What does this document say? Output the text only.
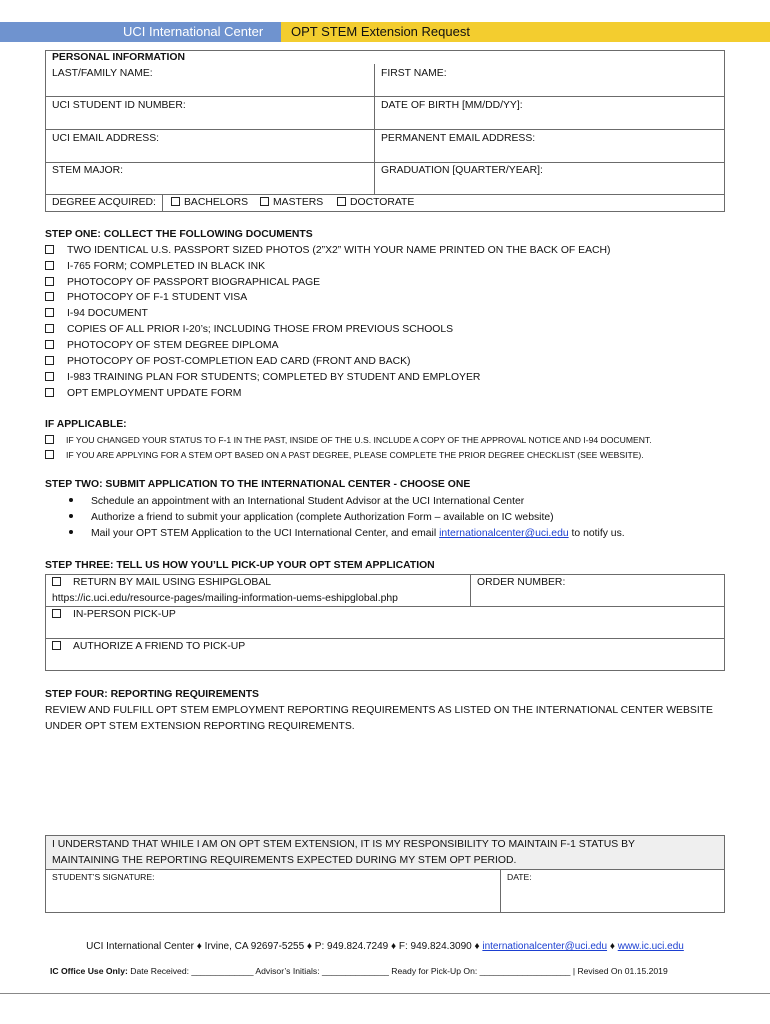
UCI International Center	OPT STEM Extension Request
PERSONAL INFORMATION
LAST/FAMILY NAME:	FIRST NAME:
UCI STUDENT ID NUMBER:	DATE OF BIRTH [MM/DD/YY]:
UCI EMAIL ADDRESS:	PERMANENT EMAIL ADDRESS:
STEM MAJOR:	GRADUATION [QUARTER/YEAR]:
DEGREE ACQUIRED:	BACHELORS	MASTERS	DOCTORATE
STEP ONE: COLLECT THE FOLLOWING DOCUMENTS
TWO IDENTICAL U.S. PASSPORT SIZED PHOTOS (2”X2” WITH YOUR NAME PRINTED ON THE BACK OF EACH)
I-765 FORM; COMPLETED IN BLACK INK
PHOTOCOPY OF PASSPORT BIOGRAPHICAL PAGE
PHOTOCOPY OF F-1 STUDENT VISA
I-94 DOCUMENT
COPIES OF ALL PRIOR I-20’s; INCLUDING THOSE FROM PREVIOUS SCHOOLS
PHOTOCOPY OF STEM DEGREE DIPLOMA
PHOTOCOPY OF POST-COMPLETION EAD CARD (FRONT AND BACK)
I-983 TRAINING PLAN FOR STUDENTS; COMPLETED BY STUDENT AND EMPLOYER
OPT EMPLOYMENT UPDATE FORM
IF APPLICABLE:
IF YOU CHANGED YOUR STATUS TO F-1 IN THE PAST, INSIDE OF THE U.S. INCLUDE A COPY OF THE APPROVAL NOTICE AND I-94 DOCUMENT.
IF YOU ARE APPLYING FOR A STEM OPT BASED ON A PAST DEGREE, PLEASE COMPLETE THE PRIOR DEGREE CHECKLIST (SEE WEBSITE).
STEP TWO: SUBMIT APPLICATION TO THE INTERNATIONAL CENTER - CHOOSE ONE
Schedule an appointment with an International Student Advisor at the UCI International Center
Authorize a friend to submit your application (complete Authorization Form – available on IC website)
Mail your OPT STEM Application to the UCI International Center, and email internationalcenter@uci.edu to notify us.
STEP THREE: TELL US HOW YOU’LL PICK-UP YOUR OPT STEM APPLICATION
RETURN BY MAIL USING ESHIPGLOBAL
https://ic.uci.edu/resource-pages/mailing-information-uems-eshipglobal.php
ORDER NUMBER:
IN-PERSON PICK-UP
AUTHORIZE A FRIEND TO PICK-UP
STEP FOUR: REPORTING REQUIREMENTS
REVIEW AND FULFILL OPT STEM EMPLOYMENT REPORTING REQUIREMENTS AS LISTED ON THE INTERNATIONAL CENTER WEBSITE
UNDER OPT STEM EXTENSION REPORTING REQUIREMENTS.
I UNDERSTAND THAT WHILE I AM ON OPT STEM EXTENSION, IT IS MY RESPONSIBILITY TO MAINTAIN F-1 STATUS BY
MAINTAINING THE REPORTING REQUIREMENTS EXPECTED DURING MY STEM OPT PERIOD.
STUDENT’S SIGNATURE:	DATE:
UCI International Center ♦ Irvine, CA 92697-5255 ♦ P: 949.824.7249 ♦ F: 949.824.3090 ♦ internationalcenter@uci.edu ♦ www.ic.uci.edu
IC Office Use Only: Date Received: _____________ Advisor’s Initials: ______________ Ready for Pick-Up On: ___________________ | Revised On 01.15.2019
